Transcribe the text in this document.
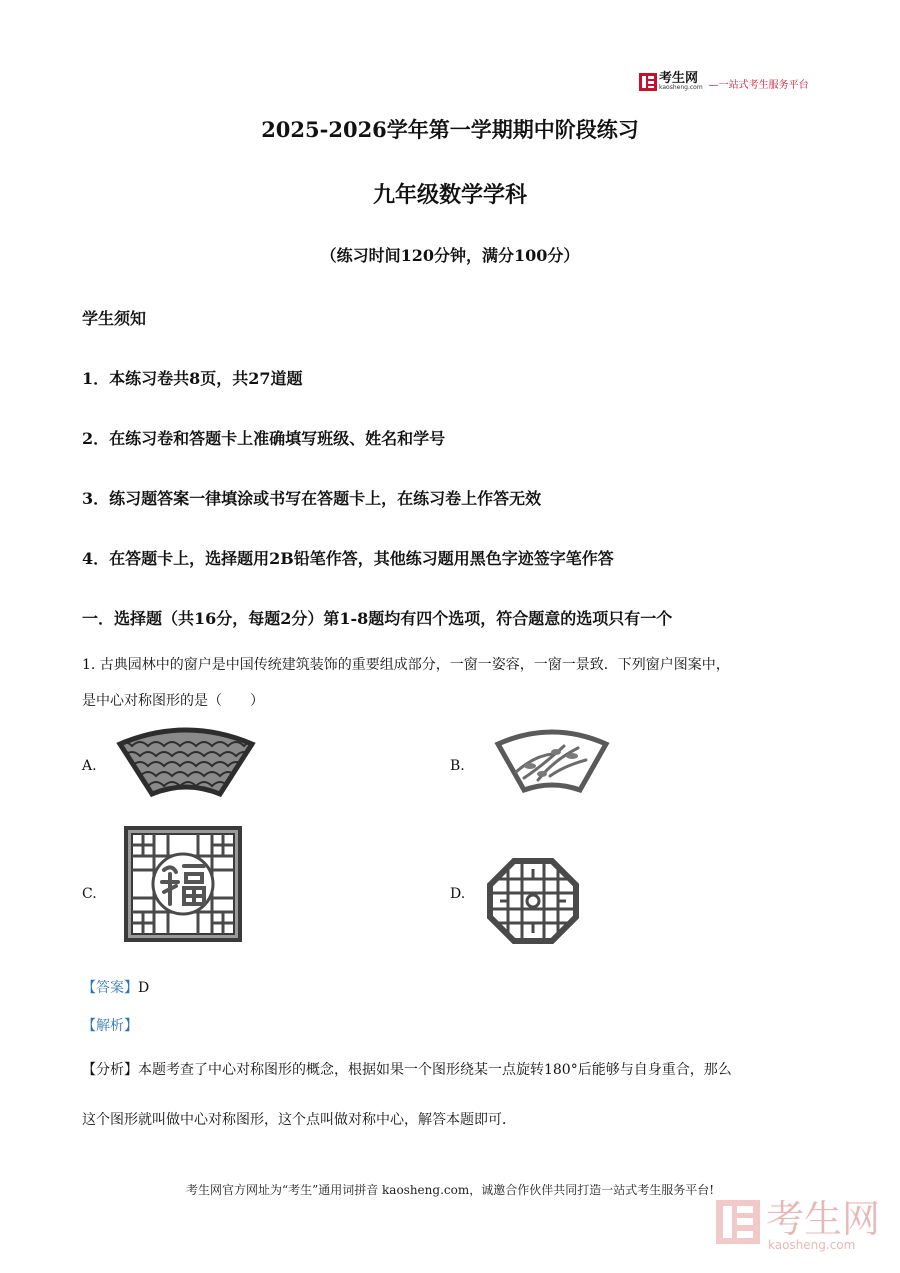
考生网
kaosheng.com —一站式考生服务平台
2025-2026学年第一学期期中阶段练习
九年级数学学科
（练习时间120分钟，满分100分）
学生须知
1．本练习卷共8页，共27道题
2．在练习卷和答题卡上准确填写班级、姓名和学号
3．练习题答案一律填涂或书写在答题卡上，在练习卷上作答无效
4．在答题卡上，选择题用2B铅笔作答，其他练习题用黑色字迹签字笔作答
一．选择题（共16分，每题2分）第1-8题均有四个选项，符合题意的选项只有一个
1. 古典园林中的窗户是中国传统建筑装饰的重要组成部分，一窗一姿容，一窗一景致．下列窗户图案中，
是中心对称图形的是（　　）
A.	B.
C.	D.
【答案】D
【解析】
【分析】本题考查了中心对称图形的概念，根据如果一个图形绕某一点旋转180°后能够与自身重合，那么
这个图形就叫做中心对称图形，这个点叫做对称中心，解答本题即可．
考生网官方网址为“考生”通用词拼音 kaosheng.com，诚邀合作伙伴共同打造一站式考生服务平台!
考生网
kaosheng.com
